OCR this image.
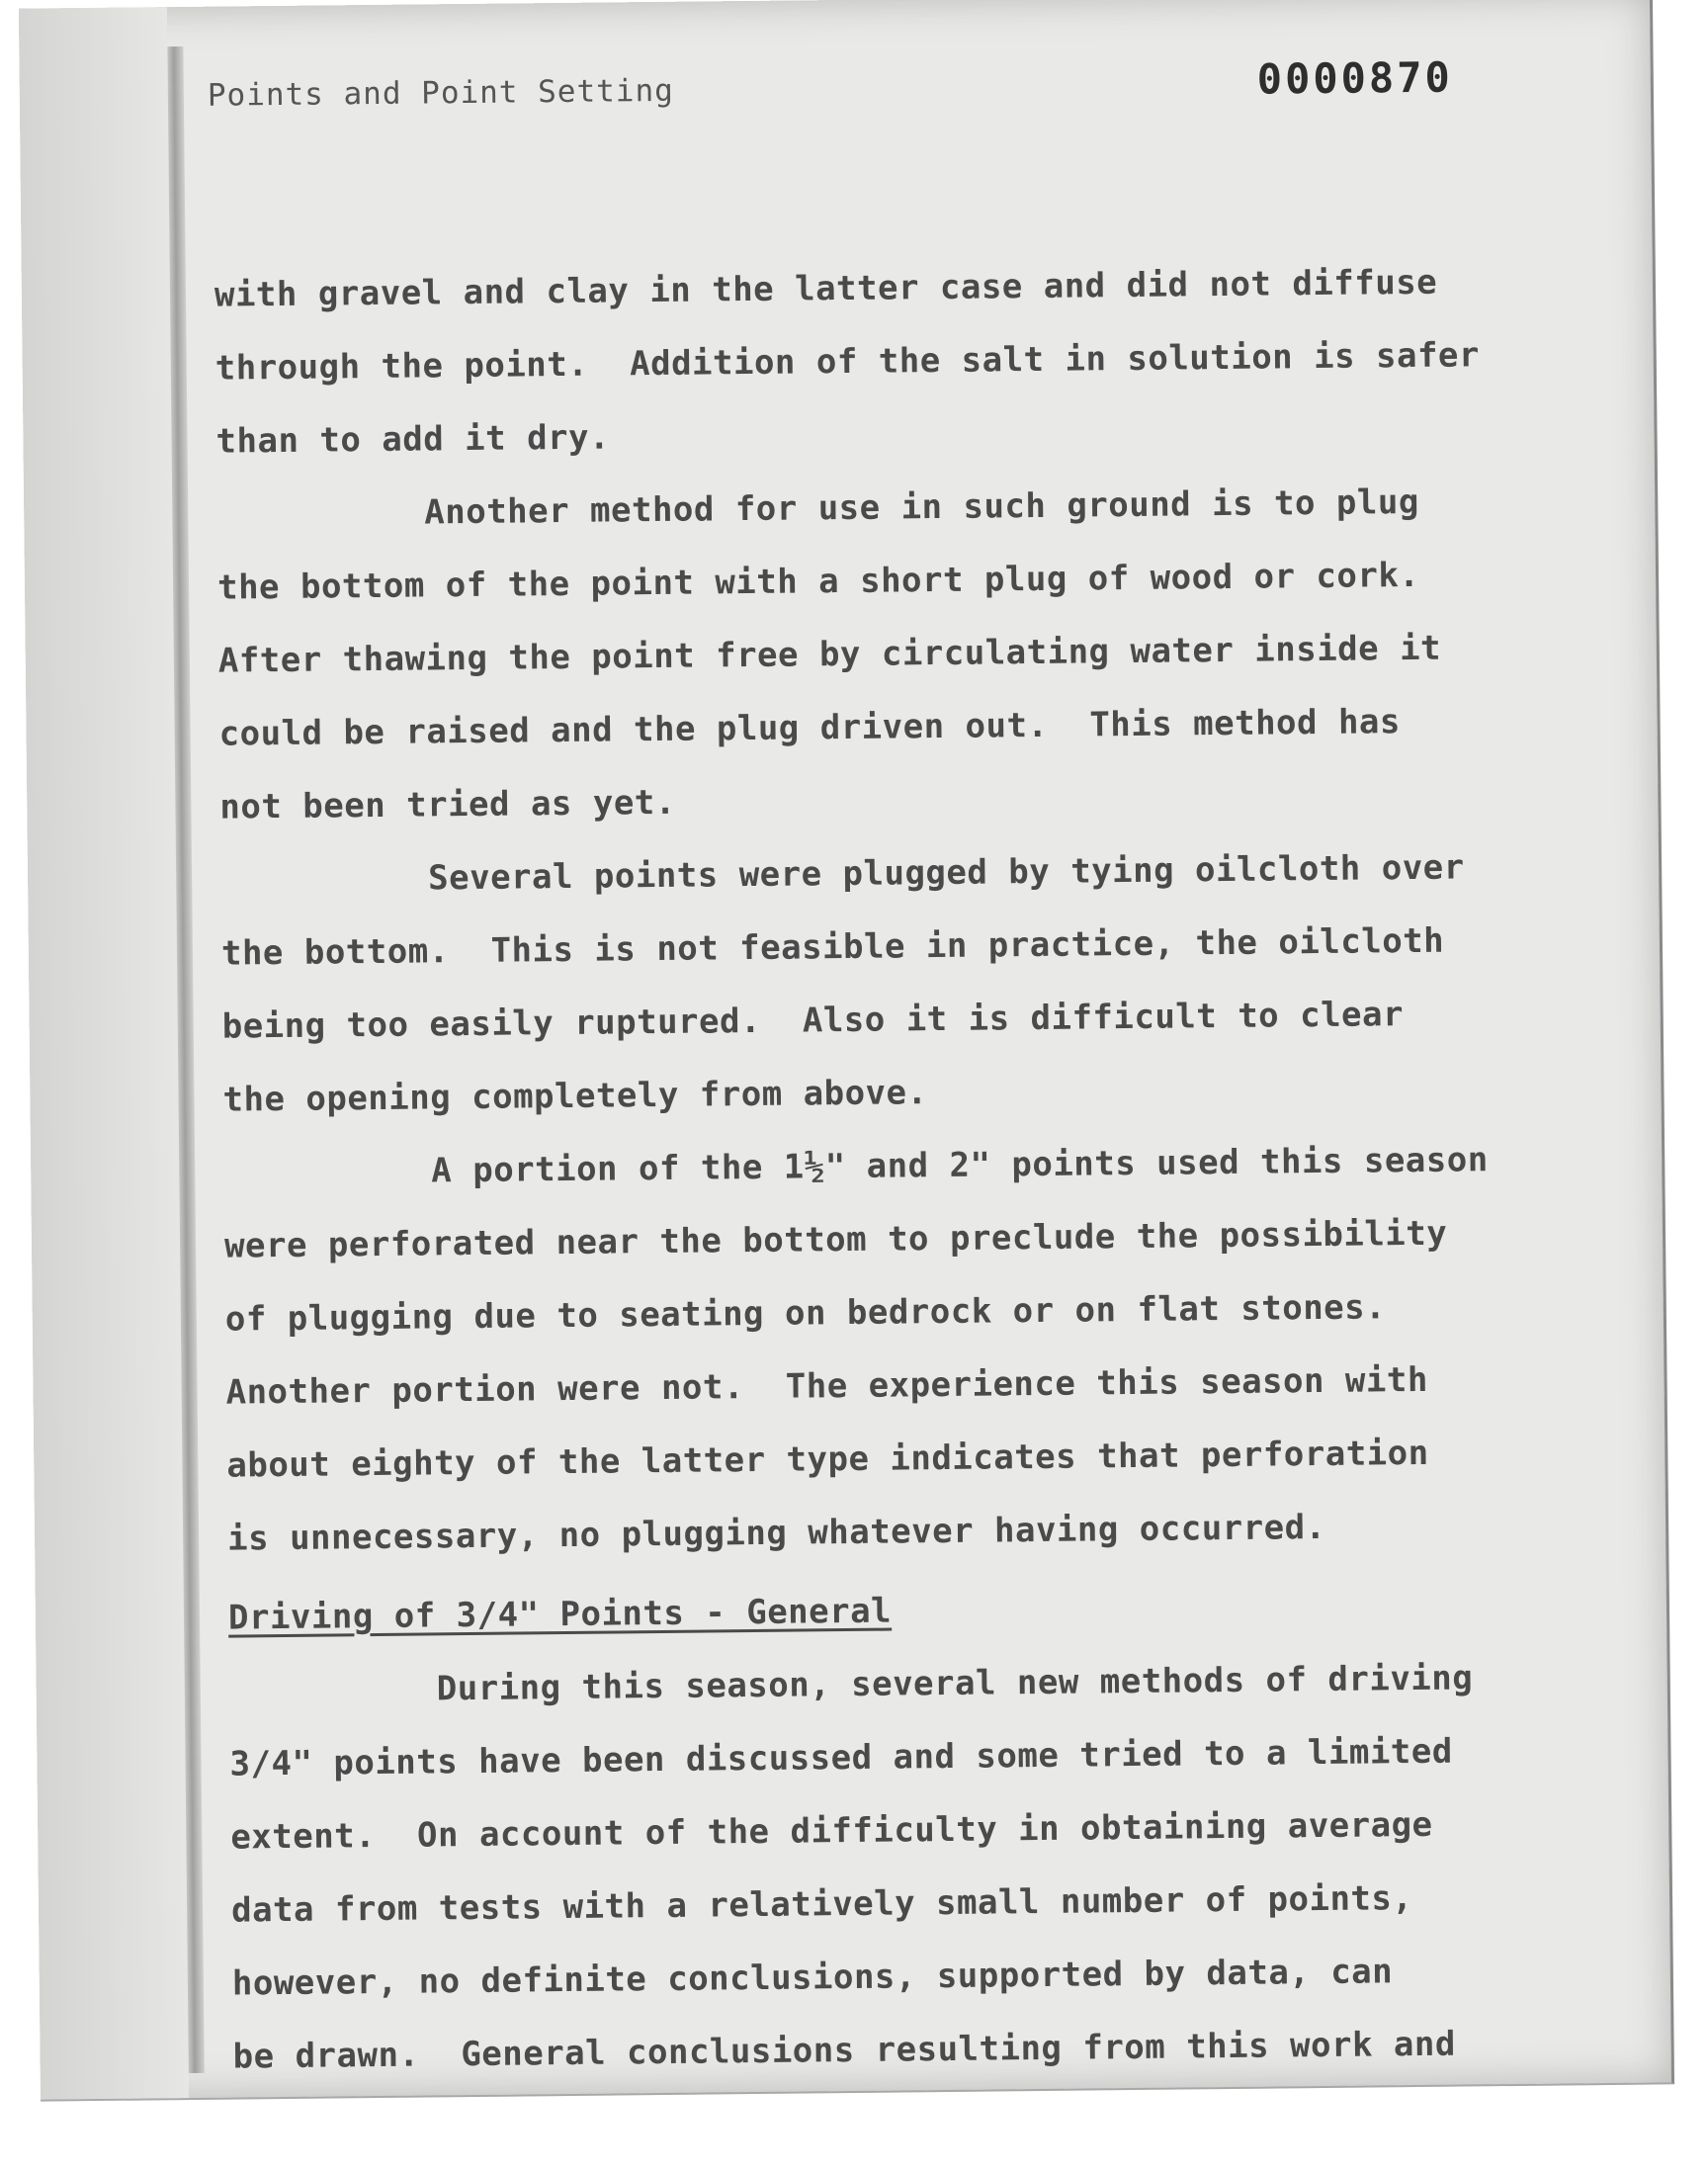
Points and Point Setting	0000870
with gravel and clay in the latter case and did not diffuse
through the point.  Addition of the salt in solution is safer
than to add it dry.
Another method for use in such ground is to plug
the bottom of the point with a short plug of wood or cork.
After thawing the point free by circulating water inside it
could be raised and the plug driven out.  This method has
not been tried as yet.
Several points were plugged by tying oilcloth over
the bottom.  This is not feasible in practice, the oilcloth
being too easily ruptured.  Also it is difficult to clear
the opening completely from above.
A portion of the 1½" and 2" points used this season
were perforated near the bottom to preclude the possibility
of plugging due to seating on bedrock or on flat stones.
Another portion were not.  The experience this season with
about eighty of the latter type indicates that perforation
is unnecessary, no plugging whatever having occurred.
Driving of 3/4" Points - General
During this season, several new methods of driving
3/4" points have been discussed and some tried to a limited
extent.  On account of the difficulty in obtaining average
data from tests with a relatively small number of points,
however, no definite conclusions, supported by data, can
be drawn.  General conclusions resulting from this work and
